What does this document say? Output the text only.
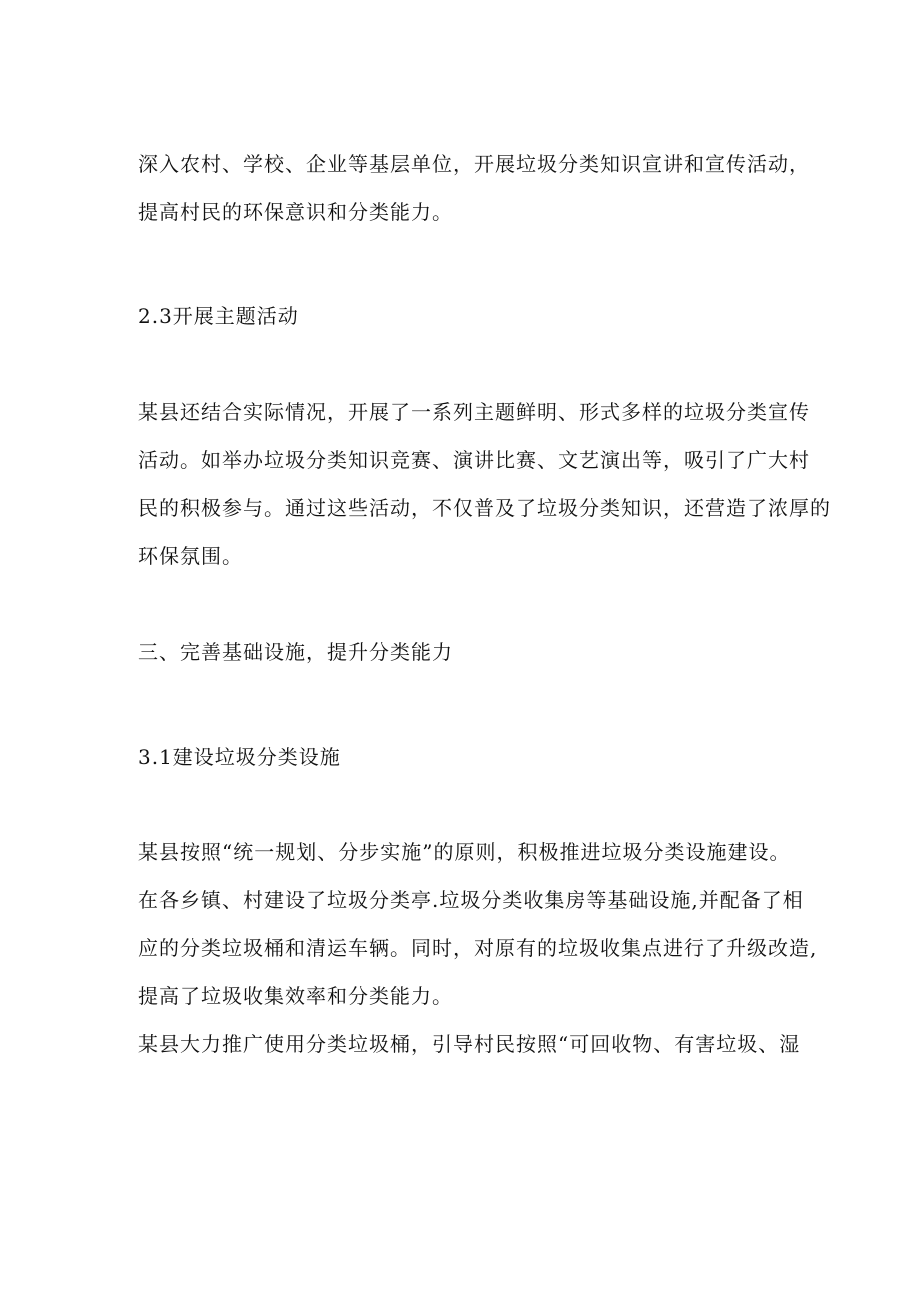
深入农村、学校、企业等基层单位，开展垃圾分类知识宣讲和宣传活动，
提高村民的环保意识和分类能力。
2.3开展主题活动
某县还结合实际情况，开展了一系列主题鲜明、形式多样的垃圾分类宣传
活动。如举办垃圾分类知识竞赛、演讲比赛、文艺演出等，吸引了广大村
民的积极参与。通过这些活动，不仅普及了垃圾分类知识，还营造了浓厚的
环保氛围。
三、完善基础设施，提升分类能力
3.1建设垃圾分类设施
某县按照“统一规划、分步实施”的原则，积极推进垃圾分类设施建设。
在各乡镇、村建设了垃圾分类亭.垃圾分类收集房等基础设施,并配备了相
应的分类垃圾桶和清运车辆。同时，对原有的垃圾收集点进行了升级改造,
提高了垃圾收集效率和分类能力。
某县大力推广使用分类垃圾桶，引导村民按照“可回收物、有害垃圾、湿
